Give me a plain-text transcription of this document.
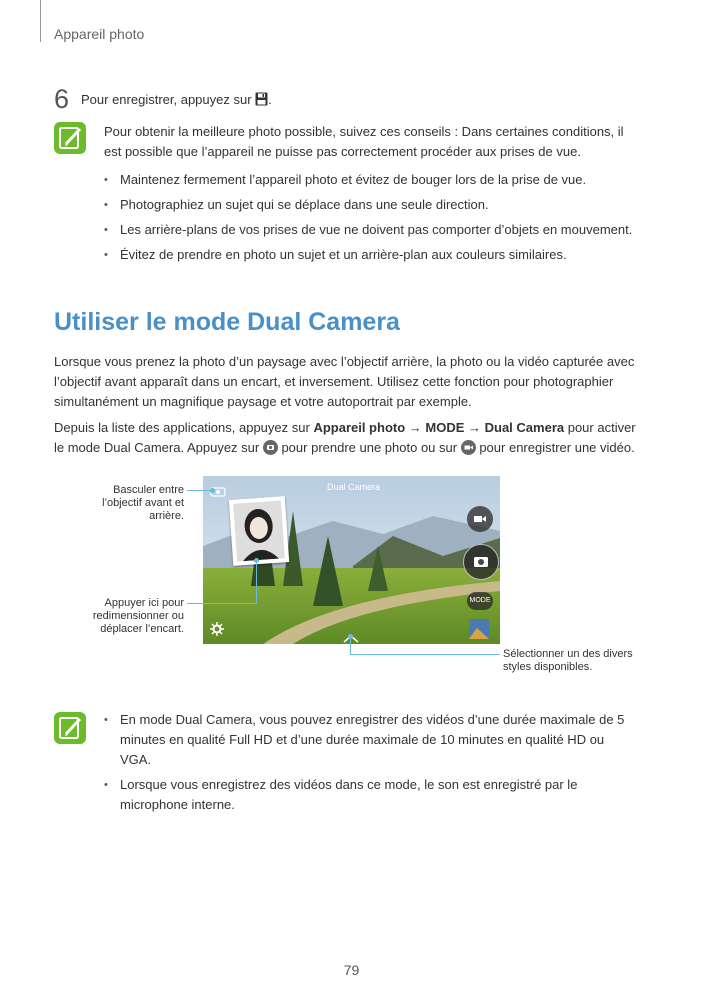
Appareil photo
6 Pour enregistrer, appuyez sur .
Pour obtenir la meilleure photo possible, suivez ces conseils : Dans certaines conditions, il est possible que l’appareil ne puisse pas correctement procéder aux prises de vue.
• Maintenez fermement l’appareil photo et évitez de bouger lors de la prise de vue.
• Photographiez un sujet qui se déplace dans une seule direction.
• Les arrière-plans de vos prises de vue ne doivent pas comporter d’objets en mouvement.
• Évitez de prendre en photo un sujet et un arrière-plan aux couleurs similaires.
Utiliser le mode Dual Camera
Lorsque vous prenez la photo d’un paysage avec l’objectif arrière, la photo ou la vidéo capturée avec l’objectif avant apparaît dans un encart, et inversement. Utilisez cette fonction pour photographier simultanément un magnifique paysage et votre autoportrait par exemple.
Depuis la liste des applications, appuyez sur Appareil photo → MODE → Dual Camera pour activer le mode Dual Camera. Appuyez sur
pour prendre une photo ou sur
pour enregistrer une vidéo.
Dual Camera
MODE
Basculer entre l’objectif avant et arrière.
Appuyer ici pour redimensionner ou déplacer l’encart.
Sélectionner un des divers styles disponibles.
• En mode Dual Camera, vous pouvez enregistrer des vidéos d’une durée maximale de 5 minutes en qualité Full HD et d’une durée maximale de 10 minutes en qualité HD ou VGA.
• Lorsque vous enregistrez des vidéos dans ce mode, le son est enregistré par le microphone interne.
79
